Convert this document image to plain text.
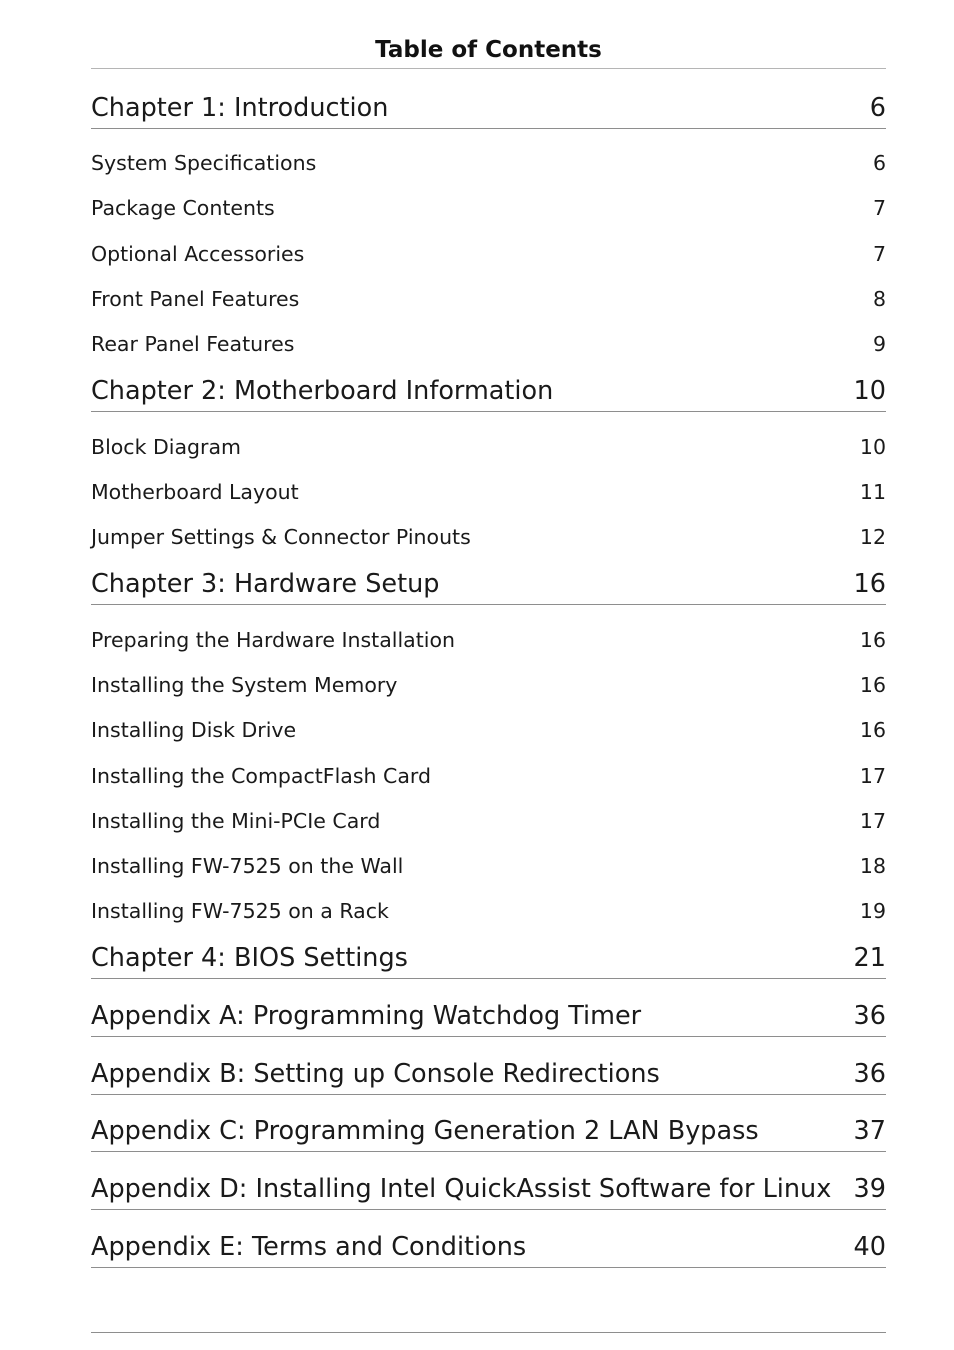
Table of Contents
Chapter 1: Introduction	6
System Specifications	6
Package Contents	7
Optional Accessories	7
Front Panel Features	8
Rear Panel Features	9
Chapter 2: Motherboard Information	10
Block Diagram	10
Motherboard Layout	11
Jumper Settings & Connector Pinouts	12
Chapter 3: Hardware Setup	16
Preparing the Hardware Installation	16
Installing the System Memory	16
Installing Disk Drive	16
Installing the CompactFlash Card	17
Installing the Mini-PCIe Card	17
Installing FW-7525 on the Wall	18
Installing FW-7525 on a Rack	19
Chapter 4: BIOS Settings	21
Appendix A: Programming Watchdog Timer	36
Appendix B: Setting up Console Redirections	36
Appendix C: Programming Generation 2 LAN Bypass	37
Appendix D: Installing Intel QuickAssist Software for Linux 39
Appendix E: Terms and Conditions	40
